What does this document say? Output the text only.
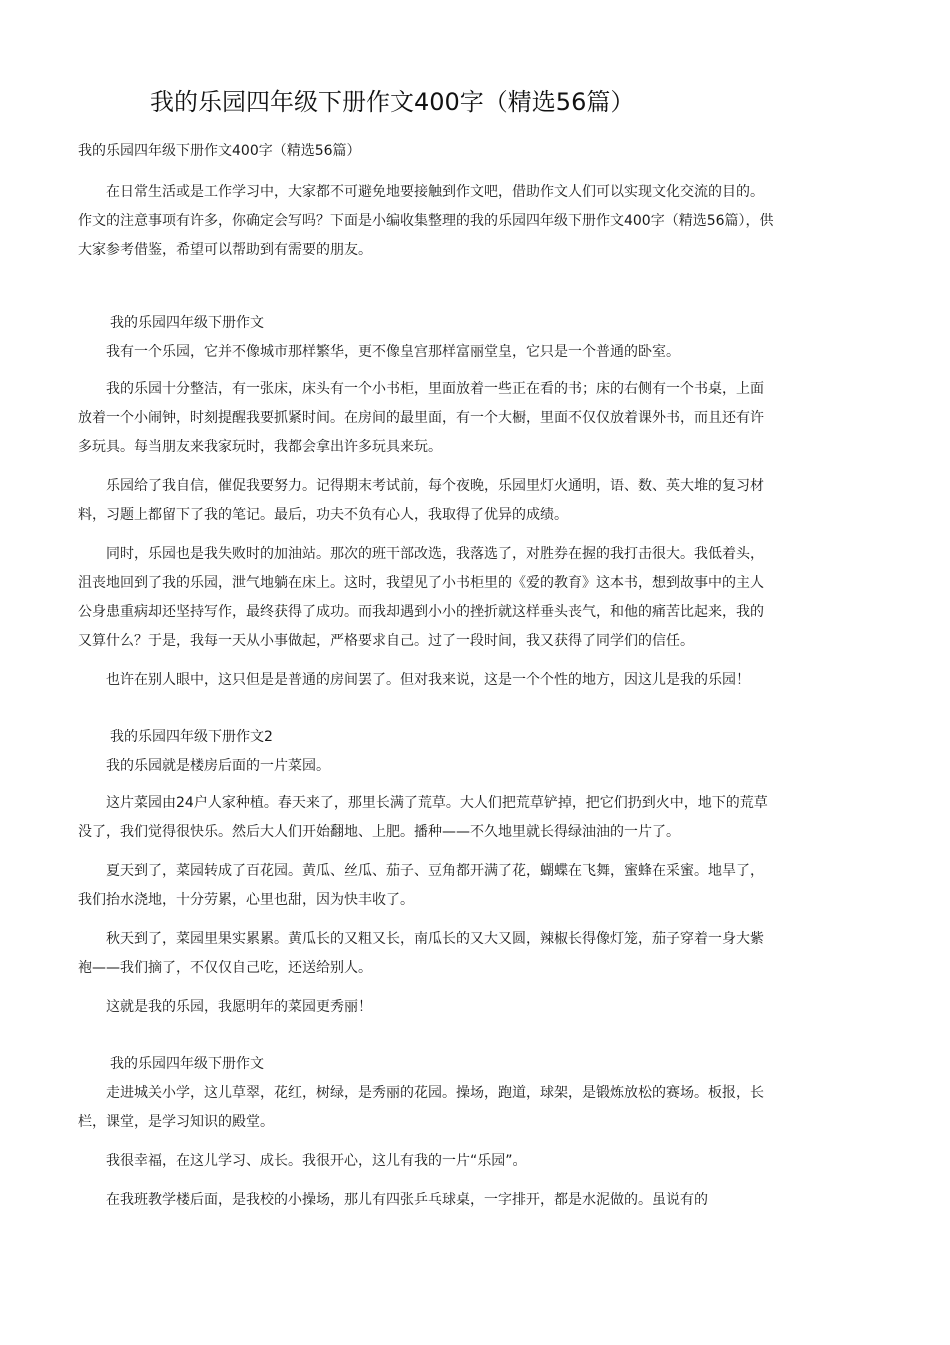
我的乐园四年级下册作文400字（精选56篇）
我的乐园四年级下册作文400字（精选56篇）

在日常生活或是工作学习中，大家都不可避免地要接触到作文吧，借助作文人们可以实现文化交流的目的。作文的注意事项有许多，你确定会写吗？下面是小编收集整理的我的乐园四年级下册作文400字（精选56篇），供大家参考借鉴，希望可以帮助到有需要的朋友。

我的乐园四年级下册作文

我有一个乐园，它并不像城市那样繁华，更不像皇宫那样富丽堂皇，它只是一个普通的卧室。

我的乐园十分整洁，有一张床，床头有一个小书柜，里面放着一些正在看的书；床的右侧有一个书桌，上面放着一个小闹钟，时刻提醒我要抓紧时间。在房间的最里面，有一个大橱，里面不仅仅放着课外书，而且还有许多玩具。每当朋友来我家玩时，我都会拿出许多玩具来玩。

乐园给了我自信，催促我要努力。记得期末考试前，每个夜晚，乐园里灯火通明，语、数、英大堆的复习材料，习题上都留下了我的笔记。最后，功夫不负有心人，我取得了优异的成绩。

同时，乐园也是我失败时的加油站。那次的班干部改选，我落选了，对胜券在握的我打击很大。我低着头，沮丧地回到了我的乐园，泄气地躺在床上。这时，我望见了小书柜里的《爱的教育》这本书，想到故事中的主人公身患重病却还坚持写作，最终获得了成功。而我却遇到小小的挫折就这样垂头丧气，和他的痛苦比起来，我的又算什么？于是，我每一天从小事做起，严格要求自己。过了一段时间，我又获得了同学们的信任。

也许在别人眼中，这只但是是普通的房间罢了。但对我来说，这是一个个性的地方，因这儿是我的乐园！

我的乐园四年级下册作文2

我的乐园就是楼房后面的一片菜园。

这片菜园由24户人家种植。春天来了，那里长满了荒草。大人们把荒草铲掉，把它们扔到火中，地下的荒草没了，我们觉得很快乐。然后大人们开始翻地、上肥。播种——不久地里就长得绿油油的一片了。

夏天到了，菜园转成了百花园。黄瓜、丝瓜、茄子、豆角都开满了花，蝴蝶在飞舞，蜜蜂在采蜜。地旱了，我们抬水浇地，十分劳累，心里也甜，因为快丰收了。

秋天到了，菜园里果实累累。黄瓜长的又粗又长，南瓜长的又大又圆，辣椒长得像灯笼，茄子穿着一身大紫袍——我们摘了，不仅仅自己吃，还送给别人。

这就是我的乐园，我愿明年的菜园更秀丽！

我的乐园四年级下册作文

走进城关小学，这儿草翠，花红，树绿，是秀丽的花园。操场，跑道，球架，是锻炼放松的赛场。板报，长栏，课堂，是学习知识的殿堂。

我很幸福，在这儿学习、成长。我很开心，这儿有我的一片“乐园”。

在我班教学楼后面，是我校的小操场，那儿有四张乒乓球桌，一字排开，都是水泥做的。虽说有的
